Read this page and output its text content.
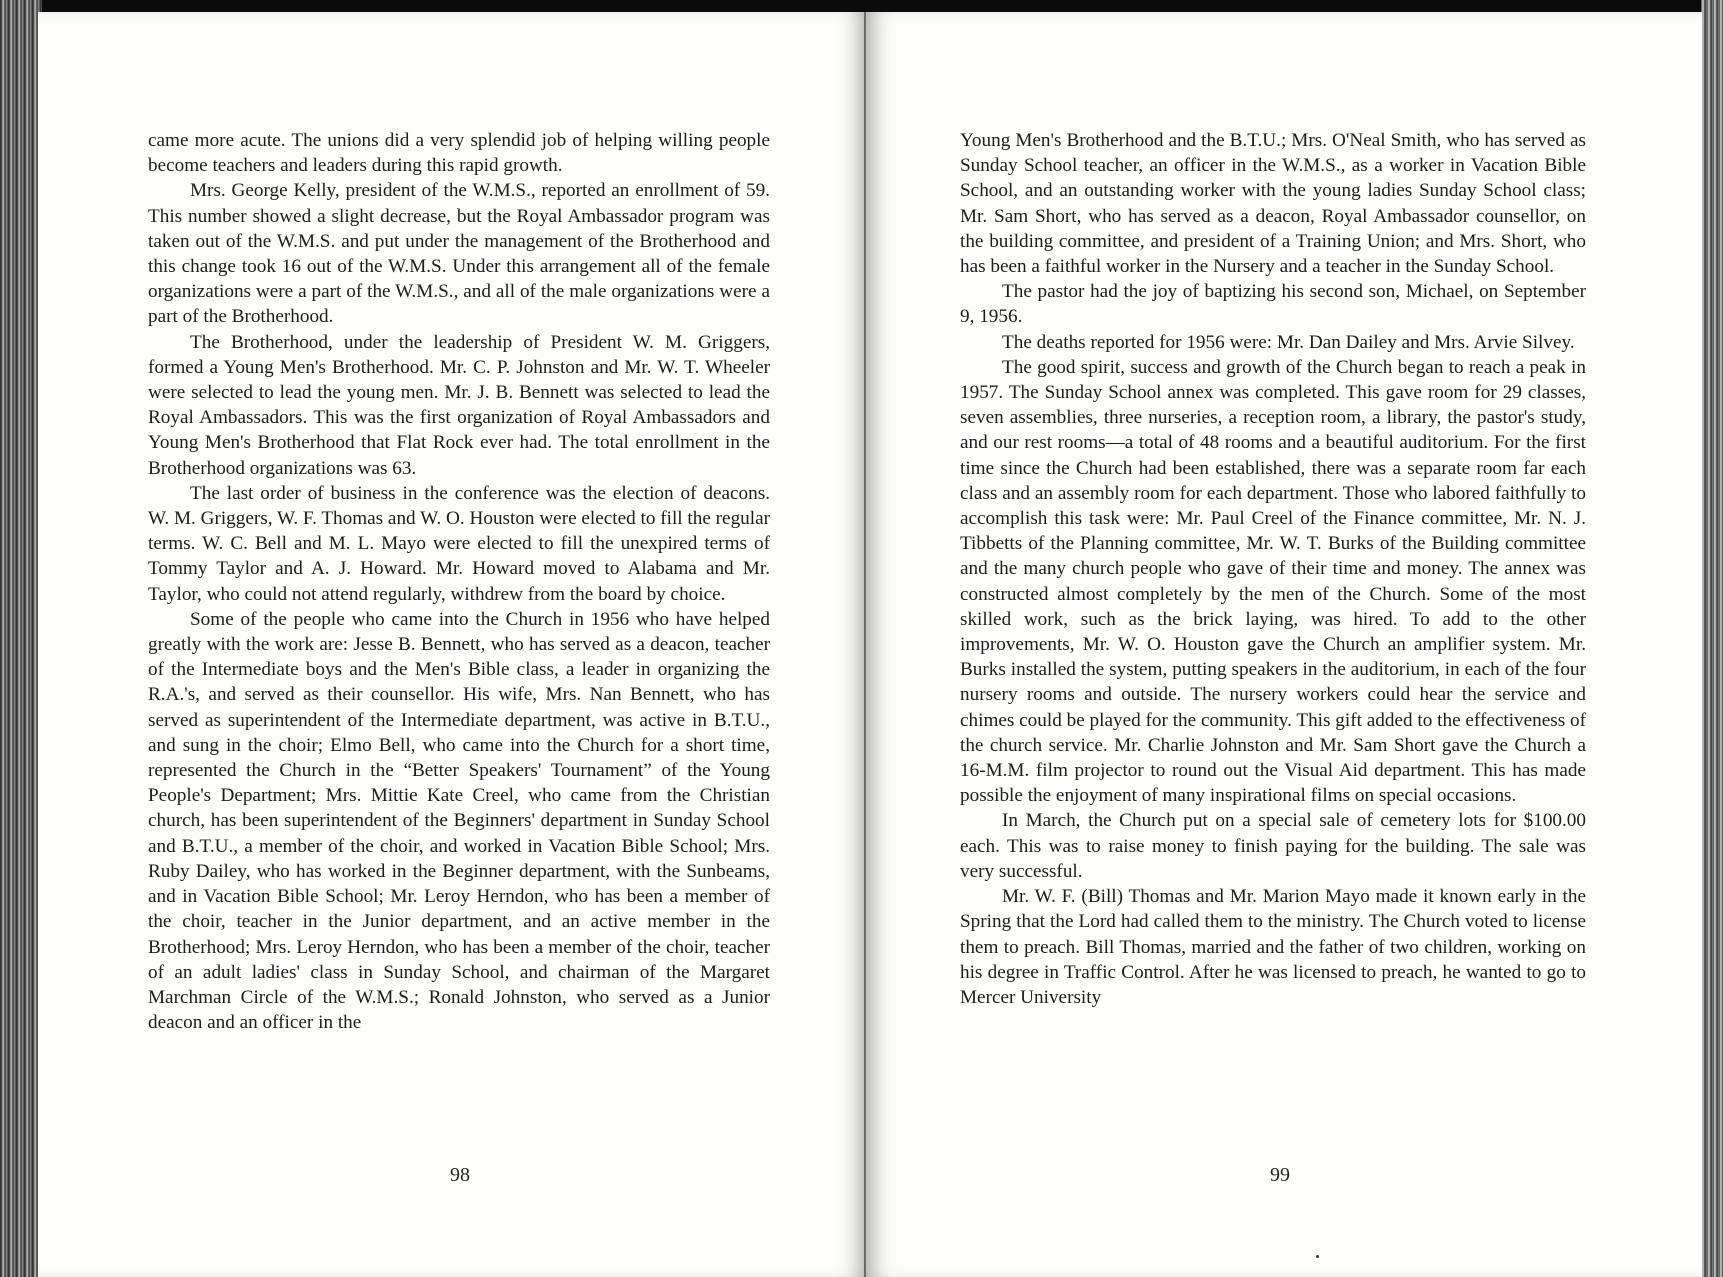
came more acute. The unions did a very splendid job of helping willing people become teachers and leaders during this rapid growth.

Mrs. George Kelly, president of the W.M.S., reported an enrollment of 59. This number showed a slight decrease, but the Royal Ambassador program was taken out of the W.M.S. and put under the management of the Brotherhood and this change took 16 out of the W.M.S. Under this arrangement all of the female organizations were a part of the W.M.S., and all of the male organizations were a part of the Brotherhood.

The Brotherhood, under the leadership of President W. M. Griggers, formed a Young Men's Brotherhood. Mr. C. P. Johnston and Mr. W. T. Wheeler were selected to lead the young men. Mr. J. B. Bennett was selected to lead the Royal Ambassadors. This was the first organization of Royal Ambassadors and Young Men's Brotherhood that Flat Rock ever had. The total enrollment in the Brotherhood organizations was 63.

The last order of business in the conference was the election of deacons. W. M. Griggers, W. F. Thomas and W. O. Houston were elected to fill the regular terms. W. C. Bell and M. L. Mayo were elected to fill the unexpired terms of Tommy Taylor and A. J. Howard. Mr. Howard moved to Alabama and Mr. Taylor, who could not attend regularly, withdrew from the board by choice.

Some of the people who came into the Church in 1956 who have helped greatly with the work are: Jesse B. Bennett, who has served as a deacon, teacher of the Intermediate boys and the Men's Bible class, a leader in organizing the R.A.'s, and served as their counsellor. His wife, Mrs. Nan Bennett, who has served as superintendent of the Intermediate department, was active in B.T.U., and sung in the choir; Elmo Bell, who came into the Church for a short time, represented the Church in the “Better Speakers' Tournament” of the Young People's Department; Mrs. Mittie Kate Creel, who came from the Christian church, has been superintendent of the Beginners' department in Sunday School and B.T.U., a member of the choir, and worked in Vacation Bible School; Mrs. Ruby Dailey, who has worked in the Beginner department, with the Sunbeams, and in Vacation Bible School; Mr. Leroy Herndon, who has been a member of the choir, teacher in the Junior department, and an active member in the Brotherhood; Mrs. Leroy Herndon, who has been a member of the choir, teacher of an adult ladies' class in Sunday School, and chairman of the Margaret Marchman Circle of the W.M.S.; Ronald Johnston, who served as a Junior deacon and an officer in the

98

Young Men's Brotherhood and the B.T.U.; Mrs. O'Neal Smith, who has served as Sunday School teacher, an officer in the W.M.S., as a worker in Vacation Bible School, and an outstanding worker with the young ladies Sunday School class; Mr. Sam Short, who has served as a deacon, Royal Ambassador counsellor, on the building committee, and president of a Training Union; and Mrs. Short, who has been a faithful worker in the Nursery and a teacher in the Sunday School.

The pastor had the joy of baptizing his second son, Michael, on September 9, 1956.

The deaths reported for 1956 were: Mr. Dan Dailey and Mrs. Arvie Silvey.

The good spirit, success and growth of the Church began to reach a peak in 1957. The Sunday School annex was completed. This gave room for 29 classes, seven assemblies, three nurseries, a reception room, a library, the pastor's study, and our rest rooms—a total of 48 rooms and a beautiful auditorium. For the first time since the Church had been established, there was a separate room far each class and an assembly room for each department. Those who labored faithfully to accomplish this task were: Mr. Paul Creel of the Finance committee, Mr. N. J. Tibbetts of the Planning committee, Mr. W. T. Burks of the Building committee and the many church people who gave of their time and money. The annex was constructed almost completely by the men of the Church. Some of the most skilled work, such as the brick laying, was hired. To add to the other improvements, Mr. W. O. Houston gave the Church an amplifier system. Mr. Burks installed the system, putting speakers in the auditorium, in each of the four nursery rooms and outside. The nursery workers could hear the service and chimes could be played for the community. This gift added to the effectiveness of the church service. Mr. Charlie Johnston and Mr. Sam Short gave the Church a 16-M.M. film projector to round out the Visual Aid department. This has made possible the enjoyment of many inspirational films on special occasions.

In March, the Church put on a special sale of cemetery lots for $100.00 each. This was to raise money to finish paying for the building. The sale was very successful.

Mr. W. F. (Bill) Thomas and Mr. Marion Mayo made it known early in the Spring that the Lord had called them to the ministry. The Church voted to license them to preach. Bill Thomas, married and the father of two children, working on his degree in Traffic Control. After he was licensed to preach, he wanted to go to Mercer University

99
